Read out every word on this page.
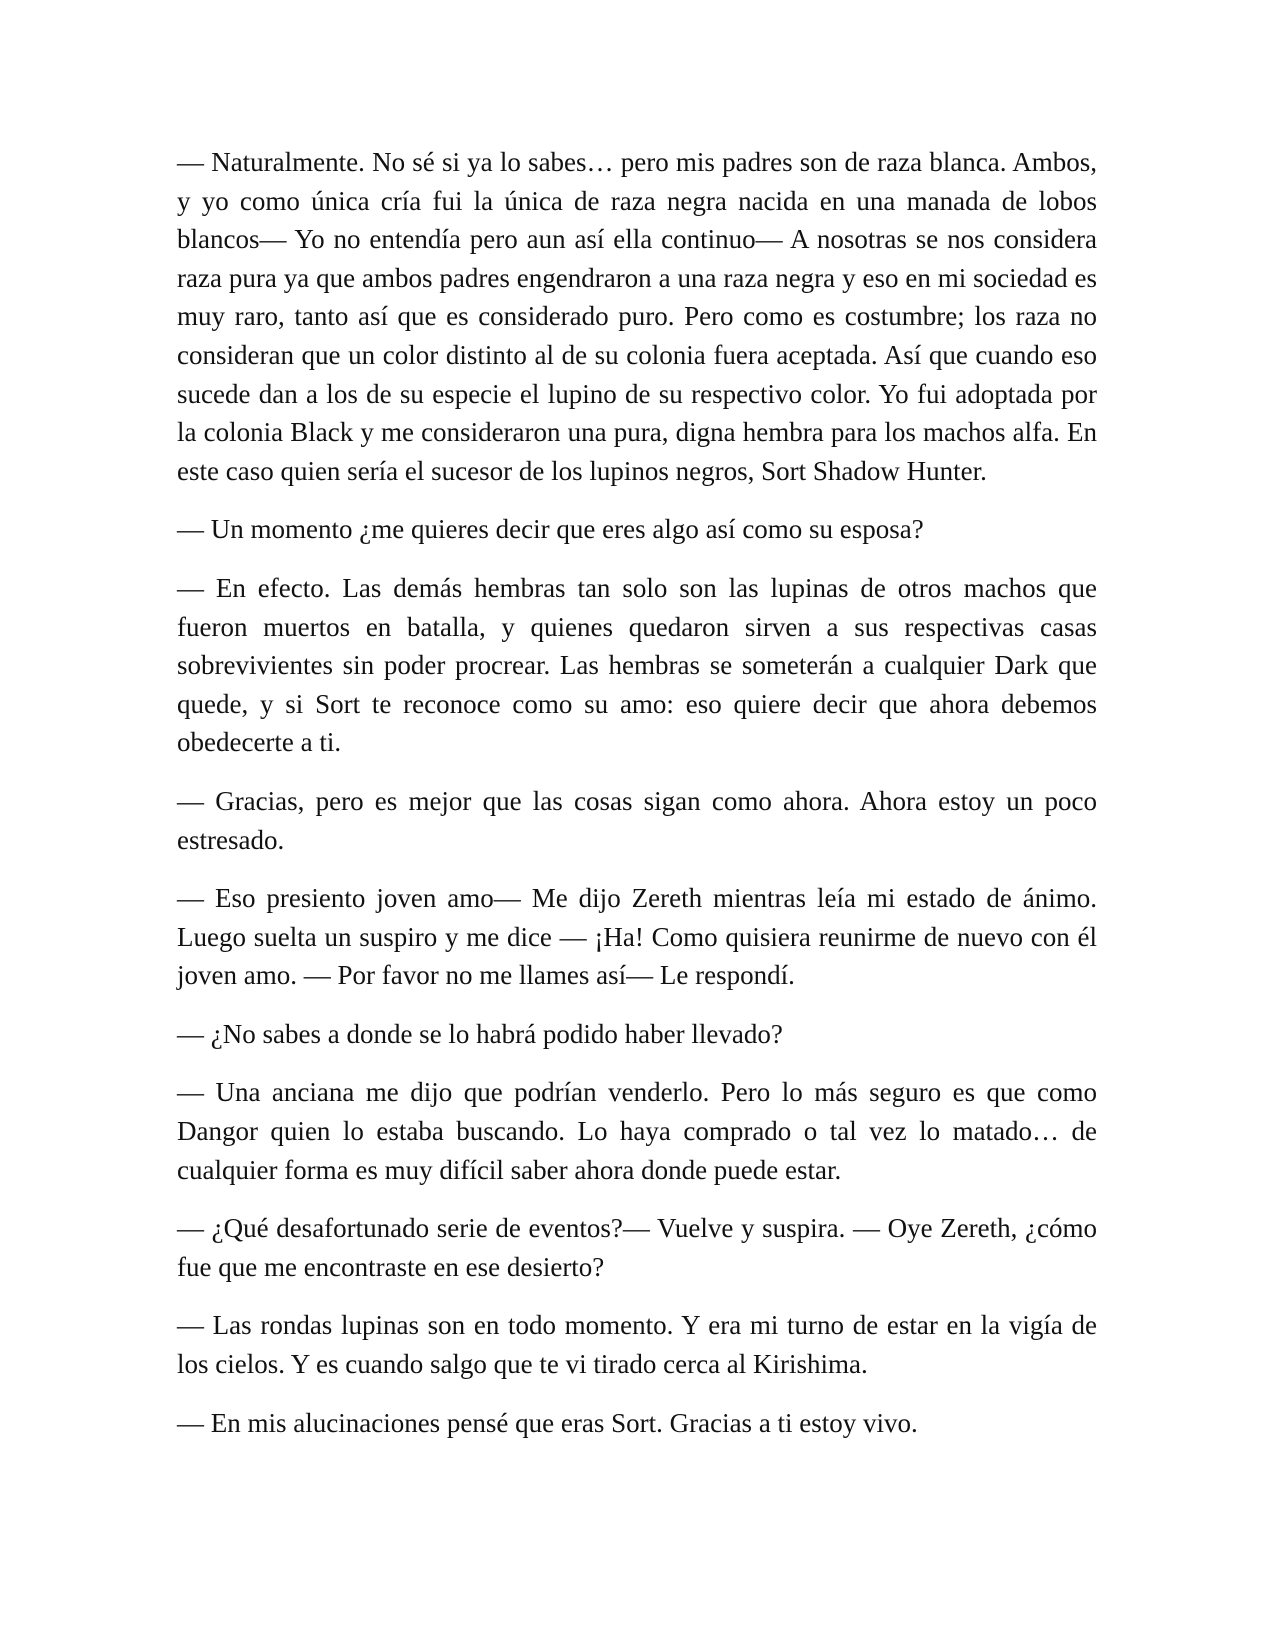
— Naturalmente. No sé si ya lo sabes… pero mis padres son de raza blanca. Ambos, y yo como única cría fui la única de raza negra nacida en una manada de lobos blancos— Yo no entendía pero aun así ella continuo— A nosotras se nos considera raza pura ya que ambos padres engendraron a una raza negra y eso en mi sociedad es muy raro, tanto así que es considerado puro. Pero como es costumbre; los raza no consideran que un color distinto al de su colonia fuera aceptada. Así que cuando eso sucede dan a los de su especie el lupino de su respectivo color. Yo fui adoptada por la colonia Black y me consideraron una pura, digna hembra para los machos alfa. En este caso quien sería el sucesor de los lupinos negros, Sort Shadow Hunter.

— Un momento ¿me quieres decir que eres algo así como su esposa?

— En efecto. Las demás hembras tan solo son las lupinas de otros machos que fueron muertos en batalla, y quienes quedaron sirven a sus respectivas casas sobrevivientes sin poder procrear. Las hembras se someterán a cualquier Dark que quede, y si Sort te reconoce como su amo: eso quiere decir que ahora debemos obedecerte a ti.

— Gracias, pero es mejor que las cosas sigan como ahora. Ahora estoy un poco estresado.

— Eso presiento joven amo— Me dijo Zereth mientras leía mi estado de ánimo. Luego suelta un suspiro y me dice — ¡Ha! Como quisiera reunirme de nuevo con él joven amo. — Por favor no me llames así— Le respondí.

— ¿No sabes a donde se lo habrá podido haber llevado?

— Una anciana me dijo que podrían venderlo. Pero lo más seguro es que como Dangor quien lo estaba buscando. Lo haya comprado o tal vez lo matado… de cualquier forma es muy difícil saber ahora donde puede estar.

— ¿Qué desafortunado serie de eventos?— Vuelve y suspira. — Oye Zereth, ¿cómo fue que me encontraste en ese desierto?

— Las rondas lupinas son en todo momento. Y era mi turno de estar en la vigía de los cielos. Y es cuando salgo que te vi tirado cerca al Kirishima.

— En mis alucinaciones pensé que eras Sort. Gracias a ti estoy vivo.
